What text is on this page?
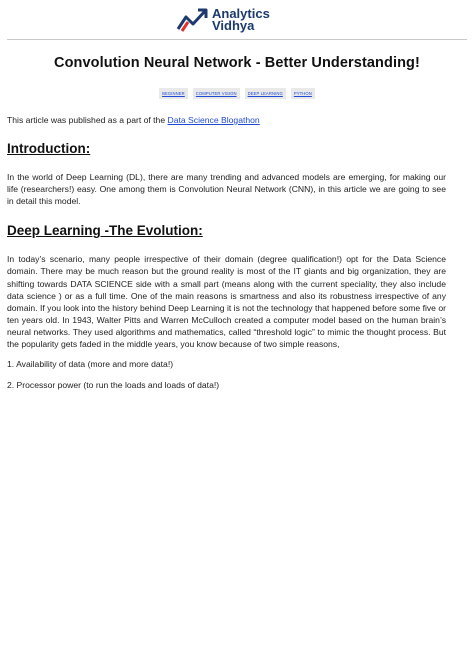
Analytics
Vidhya
Convolution Neural Network - Better Understanding!
BEGINNER	COMPUTER VISION	DEEP LEARNING	PYTHON

This article was published as a part of the Data Science Blogathon

Introduction:

In the world of Deep Learning (DL), there are many trending and advanced models are emerging, for making our life (researchers!) easy. One among them is Convolution Neural Network (CNN), in this article we are going to see in detail this model.

Deep Learning -The Evolution:

In today’s scenario, many people irrespective of their domain (degree qualification!) opt for the Data Science domain. There may be much reason but the ground reality is most of the IT giants and big organization, they are shifting towards DATA SCIENCE side with a small part (means along with the current speciality, they also include data science ) or as a full time. One of the main reasons is smartness and also its robustness irrespective of any domain. If you look into the history behind Deep Learning it is not the technology that happened before some five or ten years old. In 1943, Walter Pitts and Warren McCulloch created a computer model based on the human brain’s neural networks. They used algorithms and mathematics, called “threshold logic” to mimic the thought process. But the popularity gets faded in the middle years, you know because of two simple reasons,

1. Availability of data (more and more data!)

2. Processor power (to run the loads and loads of data!)
